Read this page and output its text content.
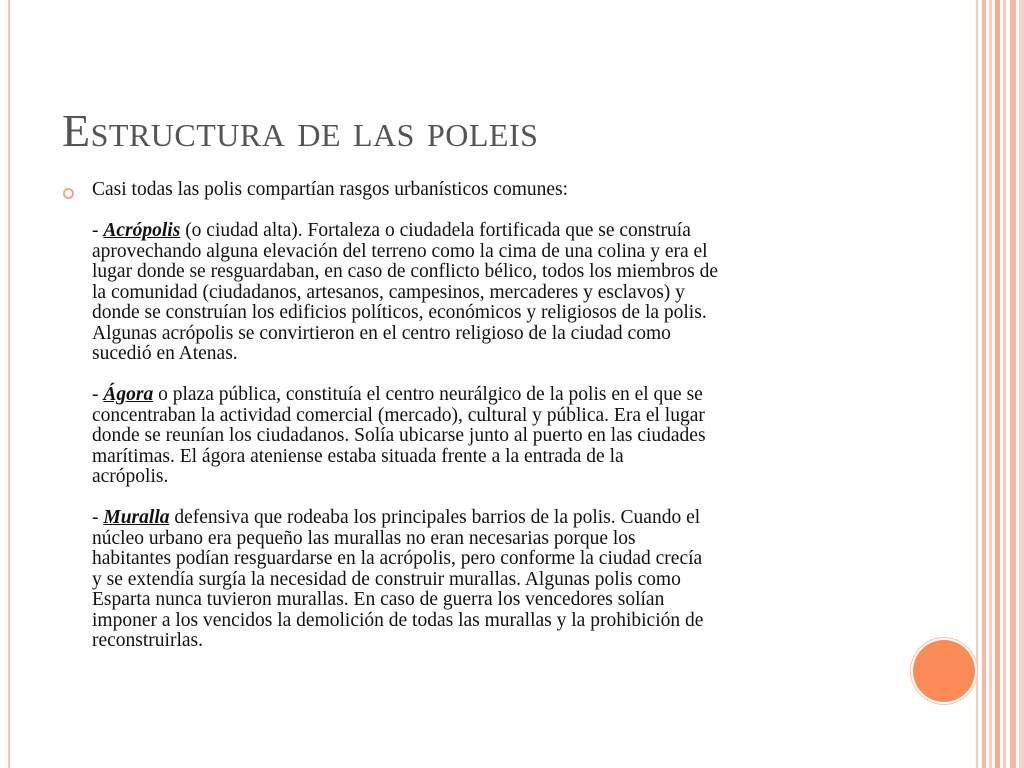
Estructura de las poleis

Casi todas las polis compartían rasgos urbanísticos comunes:

- Acrópolis (o ciudad alta). Fortaleza o ciudadela fortificada que se construía

aprovechando alguna elevación del terreno como la cima de una colina y era el

lugar donde se resguardaban, en caso de conflicto bélico, todos los miembros de

la comunidad (ciudadanos, artesanos, campesinos, mercaderes y esclavos) y

donde se construían los edificios políticos, económicos y religiosos de la polis.

Algunas acrópolis se convirtieron en el centro religioso de la ciudad como

sucedió en Atenas.

- Ágora o plaza pública, constituía el centro neurálgico de la polis en el que se

concentraban la actividad comercial (mercado), cultural y pública. Era el lugar

donde se reunían los ciudadanos. Solía ubicarse junto al puerto en las ciudades

marítimas. El ágora ateniense estaba situada frente a la entrada de la

acrópolis.

- Muralla defensiva que rodeaba los principales barrios de la polis. Cuando el

núcleo urbano era pequeño las murallas no eran necesarias porque los

habitantes podían resguardarse en la acrópolis, pero conforme la ciudad crecía

y se extendía surgía la necesidad de construir murallas. Algunas polis como

Esparta nunca tuvieron murallas. En caso de guerra los vencedores solían

imponer a los vencidos la demolición de todas las murallas y la prohibición de

reconstruirlas.
